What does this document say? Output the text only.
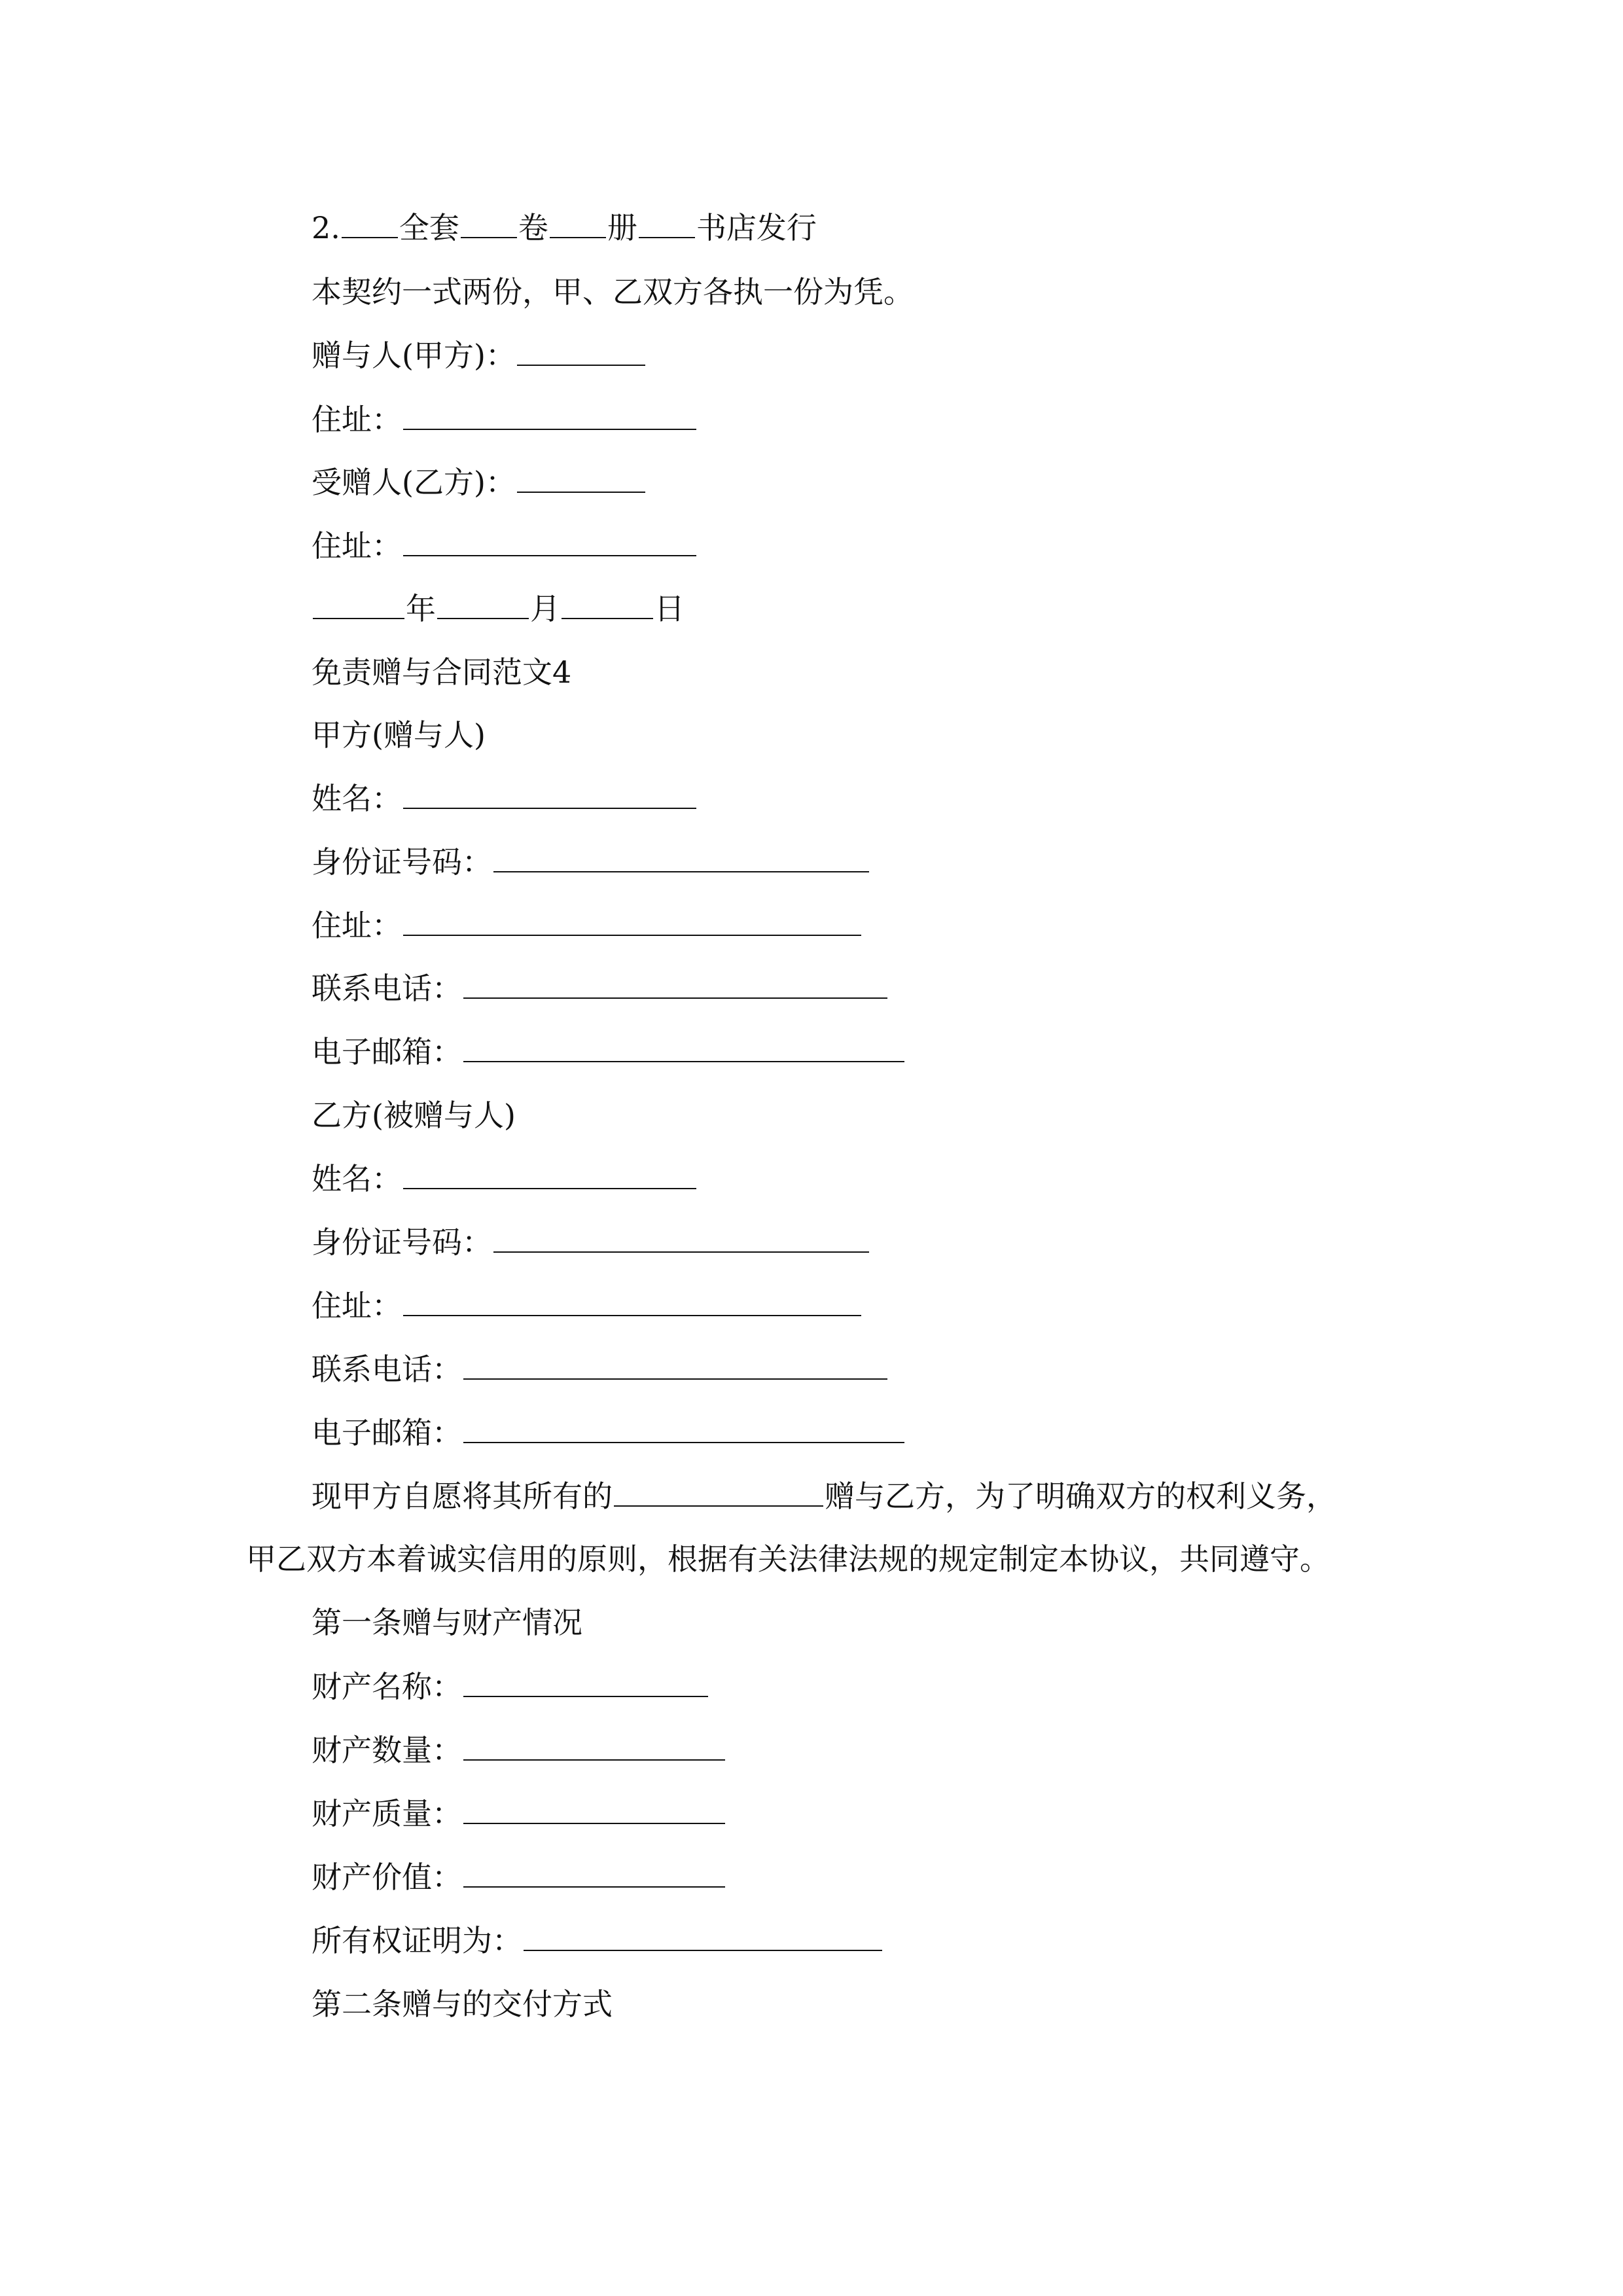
2. 全套 卷 册 书店发行
本契约一式两份，甲、乙双方各执一份为凭。
赠与人(甲方)：
住址：
受赠人(乙方)：
住址：
年	月	日
免责赠与合同范文4
甲方(赠与人)
姓名：
身份证号码：
住址：
联系电话：
电子邮箱：
乙方(被赠与人)
姓名：
身份证号码：
住址：
联系电话：
电子邮箱：
现甲方自愿将其所有的	赠与乙方，为了明确双方的权利义务，
甲乙双方本着诚实信用的原则，根据有关法律法规的规定制定本协议，共同遵守。
第一条赠与财产情况
财产名称：
财产数量：
财产质量：
财产价值：
所有权证明为：
第二条赠与的交付方式
